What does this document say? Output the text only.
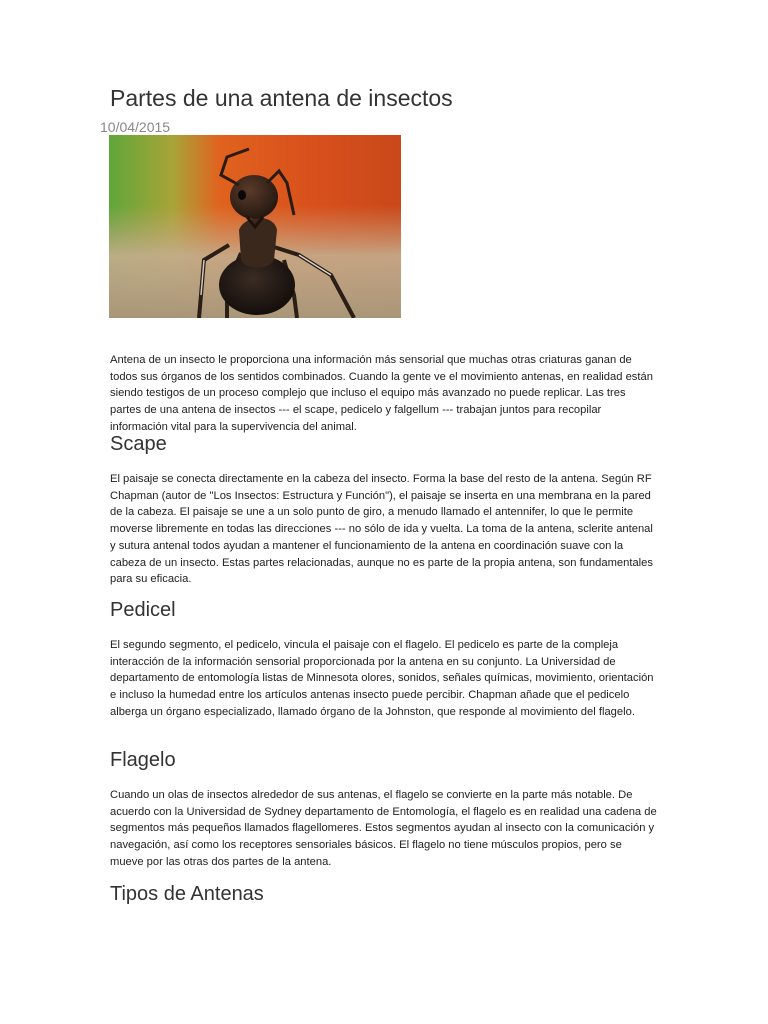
Partes de una antena de insectos
10/04/2015

Antena de un insecto le proporciona una información más sensorial que muchas otras criaturas ganan de todos sus órganos de los sentidos combinados. Cuando la gente ve el movimiento antenas, en realidad están siendo testigos de un proceso complejo que incluso el equipo más avanzado no puede replicar. Las tres partes de una antena de insectos --- el scape, pedicelo y falgellum --- trabajan juntos para recopilar información vital para la supervivencia del animal.

Scape

El paisaje se conecta directamente en la cabeza del insecto. Forma la base del resto de la antena. Según RF Chapman (autor de "Los Insectos: Estructura y Función"), el paisaje se inserta en una membrana en la pared de la cabeza. El paisaje se une a un solo punto de giro, a menudo llamado el antennifer, lo que le permite moverse libremente en todas las direcciones --- no sólo de ida y vuelta. La toma de la antena, sclerite antenal y sutura antenal todos ayudan a mantener el funcionamiento de la antena en coordinación suave con la cabeza de un insecto. Estas partes relacionadas, aunque no es parte de la propia antena, son fundamentales para su eficacia.

Pedicel

El segundo segmento, el pedicelo, vincula el paisaje con el flagelo. El pedicelo es parte de la compleja interacción de la información sensorial proporcionada por la antena en su conjunto. La Universidad de departamento de entomología listas de Minnesota olores, sonidos, señales químicas, movimiento, orientación e incluso la humedad entre los artículos antenas insecto puede percibir. Chapman añade que el pedicelo alberga un órgano especializado, llamado órgano de la Johnston, que responde al movimiento del flagelo.

Flagelo

Cuando un olas de insectos alrededor de sus antenas, el flagelo se convierte en la parte más notable. De acuerdo con la Universidad de Sydney departamento de Entomología, el flagelo es en realidad una cadena de segmentos más pequeños llamados flagellomeres. Estos segmentos ayudan al insecto con la comunicación y navegación, así como los receptores sensoriales básicos. El flagelo no tiene músculos propios, pero se mueve por las otras dos partes de la antena.

Tipos de Antenas
